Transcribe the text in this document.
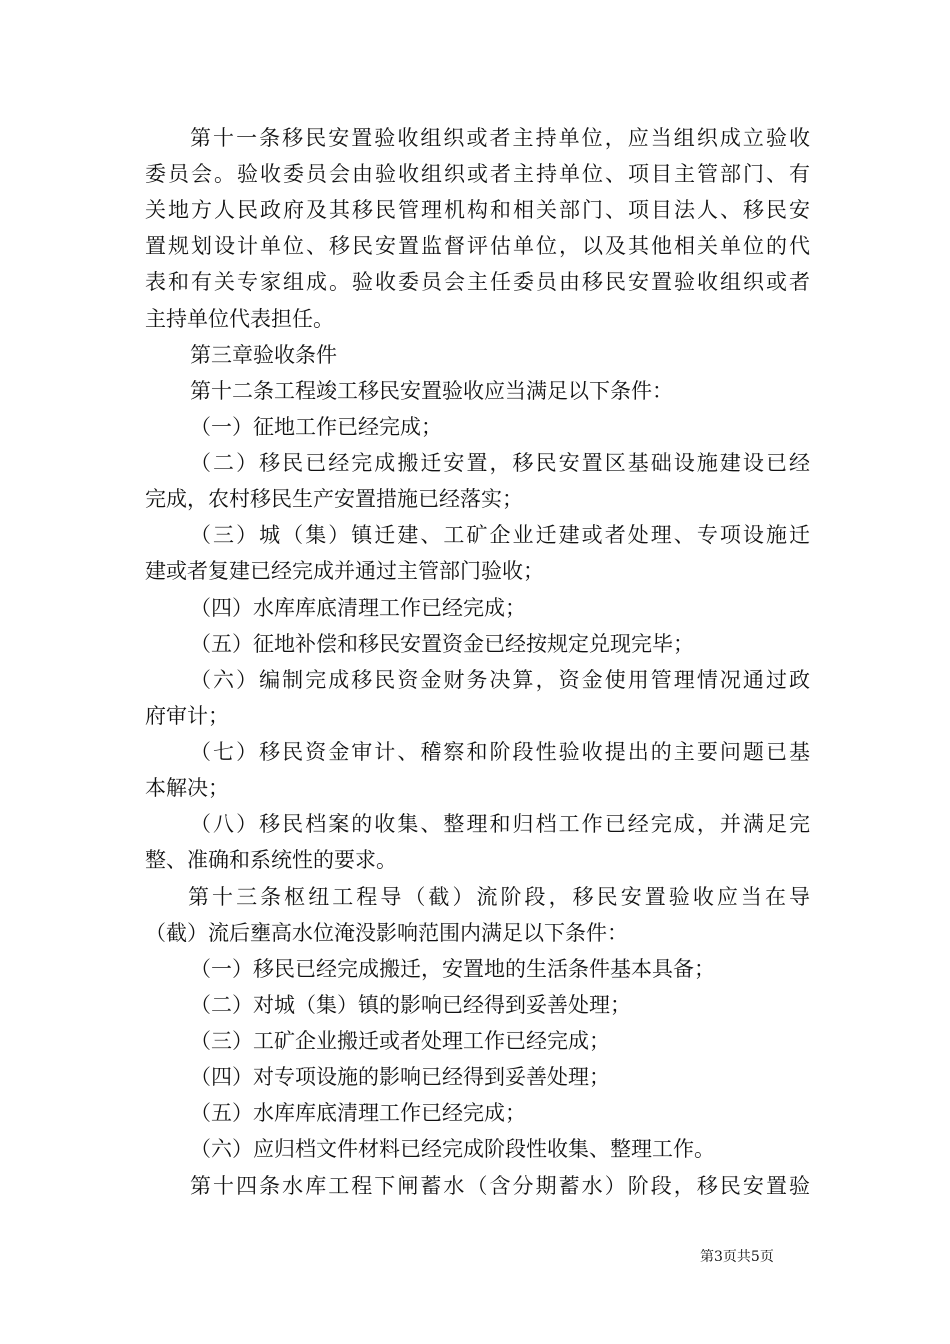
第十一条移民安置验收组织或者主持单位，应当组织成立验收
委员会。验收委员会由验收组织或者主持单位、项目主管部门、有
关地方人民政府及其移民管理机构和相关部门、项目法人、移民安
置规划设计单位、移民安置监督评估单位，以及其他相关单位的代
表和有关专家组成。验收委员会主任委员由移民安置验收组织或者
主持单位代表担任。
第三章验收条件
第十二条工程竣工移民安置验收应当满足以下条件：
（一）征地工作已经完成；
（二）移民已经完成搬迁安置，移民安置区基础设施建设已经
完成，农村移民生产安置措施已经落实；
（三）城（集）镇迁建、工矿企业迁建或者处理、专项设施迁
建或者复建已经完成并通过主管部门验收；
（四）水库库底清理工作已经完成；
（五）征地补偿和移民安置资金已经按规定兑现完毕；
（六）编制完成移民资金财务决算，资金使用管理情况通过政
府审计；
（七）移民资金审计、稽察和阶段性验收提出的主要问题已基
本解决；
（八）移民档案的收集、整理和归档工作已经完成，并满足完
整、准确和系统性的要求。
第十三条枢纽工程导（截）流阶段，移民安置验收应当在导
（截）流后壅高水位淹没影响范围内满足以下条件：
（一）移民已经完成搬迁，安置地的生活条件基本具备；
（二）对城（集）镇的影响已经得到妥善处理；
（三）工矿企业搬迁或者处理工作已经完成；
（四）对专项设施的影响已经得到妥善处理；
（五）水库库底清理工作已经完成；
（六）应归档文件材料已经完成阶段性收集、整理工作。
第十四条水库工程下闸蓄水（含分期蓄水）阶段，移民安置验
第3页共5页
